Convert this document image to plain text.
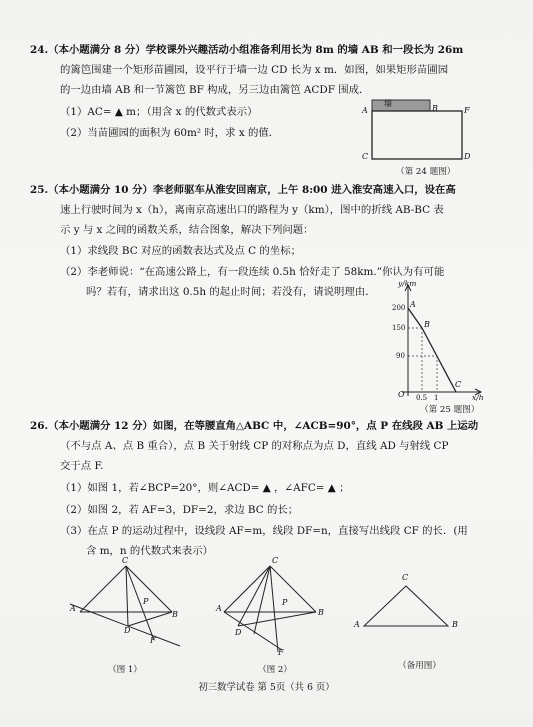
24.（本小题满分 8 分）学校课外兴趣活动小组准备利用长为 8m 的墙 AB 和一段长为 26m
的篱笆围建一个矩形苗圃园，设平行于墙一边 CD 长为 x m．如图，如果矩形苗圃园
的一边由墙 AB 和一节篱笆 BF 构成，另三边由篱笆 ACDF 围成．
（1）AC= ▲ m；（用含 x 的代数式表示）
（2）当苗圃园的面积为 60m² 时，求 x 的值．
墙
A	B	F
C	D
（第 24 题图）
25.（本小题满分 10 分）李老师驱车从淮安回南京，上午 8:00 进入淮安高速入口，设在高
速上行驶时间为 x（h），离南京高速出口的路程为 y（km），图中的折线 AB-BC 表
示 y 与 x 之间的函数关系，结合图象，解决下列问题：
（1）求线段 BC 对应的函数表达式及点 C 的坐标；
（2）李老师说：“在高速公路上，有一段连续 0.5h 恰好走了 58km.”你认为有可能
吗？若有，请求出这 0.5h 的起止时间；若没有，请说明理由．
y/km
x/h
200
150
90
0.5 1
O
A
B
C
（第 25 题图）
26.（本小题满分 12 分）如图，在等腰直角△ABC 中，∠ACB=90°，点 P 在线段 AB 上运动
（不与点 A、点 B 重合），点 B 关于射线 CP 的对称点为点 D，直线 AD 与射线 CP
交于点 F.
（1）如图 1，若∠BCP=20°，则∠ACD= ▲ ，∠AFC= ▲ ；
（2）如图 2，若 AF=3，DF=2，求边 BC 的长；
（3）在点 P 的运动过程中，设线段 AF=m，线段 DF=n，直接写出线段 CF 的长．(用
含 m，n 的代数式来表示）
C
A
P
B
D
F
（图 1）
C
A
P
B
D
F
（图 2）
C
A	B
（备用图）
初三数学试卷 第 5页（共 6 页）
